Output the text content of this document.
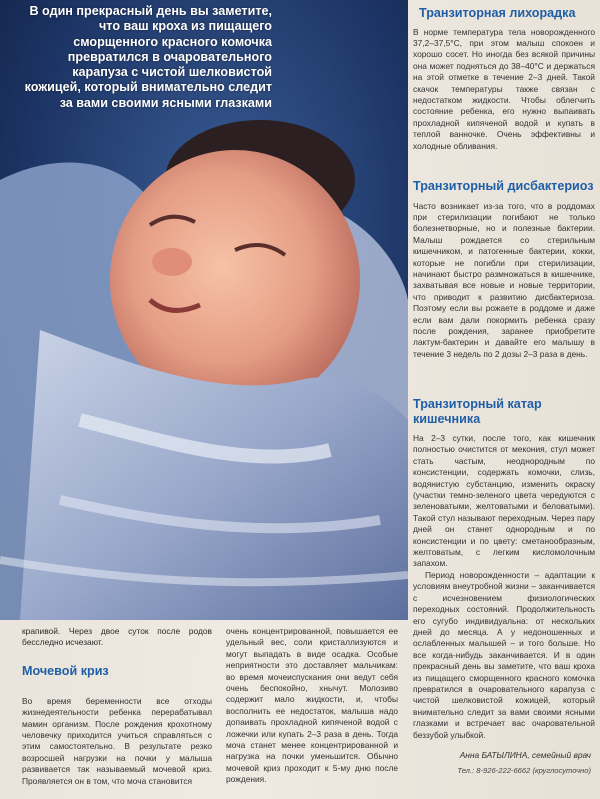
В один прекрасный день вы заметите, что ваш кроха из пищащего сморщенного красного комочка превратился в очаровательного карапуза с чистой шелковистой кожицей, который внимательно следит за вами своими ясными глазками
Транзиторная лихорадка

В норме температура тела новорожденного 37,2–37,5°С, при этом малыш спокоен и хорошо сосет. Но иногда без всякой причины она может подняться до 38–40°С и держаться на этой отметке в течение 2–3 дней. Такой скачок температуры также связан с недостатком жидкости. Чтобы облегчить состояние ребенка, его нужно выпаивать прохладной кипяченой водой и купать в теплой ванночке. Очень эффективны и холодные обливания.

Транзиторный дисбактериоз

Часто возникает из-за того, что в роддомах при стерилизации погибают не только болезнетворные, но и полезные бактерии. Малыш рождается со стерильным кишечником, и патогенные бактерии, кокки, которые не погибли при стерилизации, начинают быстро размножаться в кишечнике, захватывая все новые и новые территории, что приводит к развитию дисбактериоза. Поэтому если вы рожаете в роддоме и даже если вам дали покормить ребенка сразу после рождения, заранее приобретите лактум-бактерин и давайте его малышу в течение 3 недель по 2 дозы 2–3 раза в день.

Транзиторный катар кишечника

На 2–3 сутки, после того, как кишечник полностью очистится от мекония, стул может стать частым, неоднородным по консистенции, содержать комочки, слизь, водянистую субстанцию, изменить окраску (участки темно-зеленого цвета чередуются с зеленоватыми, желтоватыми и беловатыми). Такой стул называют переходным. Через пару дней он станет однородным и по консистенции и по цвету: сметанообразным, желтоватым, с легким кисломолочным запахом.

Период новорожденности – адаптации к условиям внеутробной жизни – заканчивается с исчезновением физиологических переходных состояний. Продолжительность его сугубо индивидуальна: от нескольких дней до месяца. А у недоношенных и ослабленных малышей – и того больше. Но все когда-нибудь заканчивается. И в один прекрасный день вы заметите, что ваш кроха из пищащего сморщенного красного комочка превратился в очаровательного карапуза с чистой шелковистой кожицей, который внимательно следит за вами своими ясными глазками и встречает вас очаровательной беззубой улыбкой.

крапивой. Через двое суток после родов бесследно исчезают.

Мочевой криз

Во время беременности все отходы жизнедеятельности ребенка перерабатывал мамин организм. После рождения крохотному человечку приходится учиться справляться с этим самостоятельно. В результате резко возросшей нагрузки на почки у малыша развивается так называемый мочевой криз. Проявляется он в том, что моча становится

очень концентрированной, повышается ее удельный вес, соли кристаллизуются и могут выпадать в виде осадка. Особые неприятности это доставляет мальчикам: во время мочеиспускания они ведут себя очень беспокойно, хнычут. Молозиво содержит мало жидкости, и, чтобы восполнить ее недостаток, малыша надо допаивать прохладной кипяченой водой с ложечки или купать 2–3 раза в день. Тогда моча станет менее концентрированной и нагрузка на почки уменьшится. Обычно мочевой криз проходит к 5-му дню после рождения.

Анна БАТЫЛИНА, семейный врач
Тел.: 8-926-222-6662 (круглосуточно)
